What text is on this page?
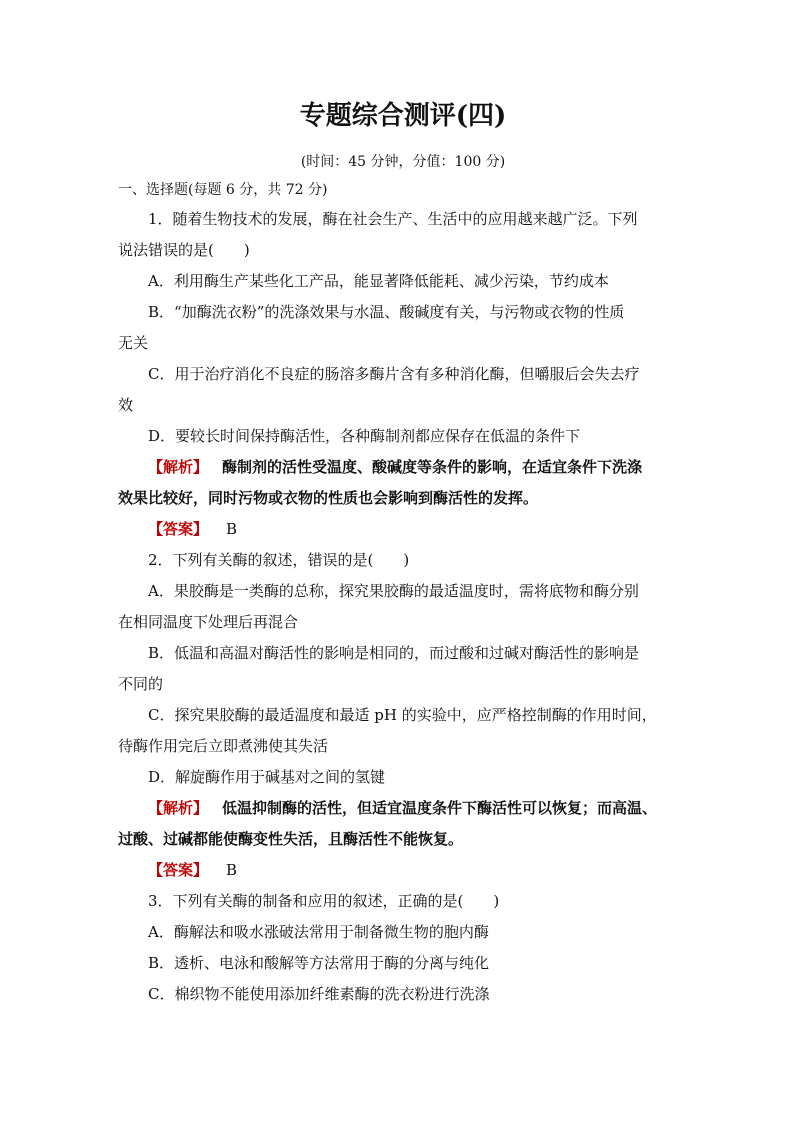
专题综合测评(四)
(时间：45 分钟，分值：100 分)
一、选择题(每题 6 分，共 72 分)
1．随着生物技术的发展，酶在社会生产、生活中的应用越来越广泛。下列
说法错误的是(　　)
A．利用酶生产某些化工产品，能显著降低能耗、减少污染，节约成本
B．“加酶洗衣粉”的洗涤效果与水温、酸碱度有关，与污物或衣物的性质
无关
C．用于治疗消化不良症的肠溶多酶片含有多种消化酶，但嚼服后会失去疗
效
D．要较长时间保持酶活性，各种酶制剂都应保存在低温的条件下
【解析】 酶制剂的活性受温度、酸碱度等条件的影响，在适宜条件下洗涤
效果比较好，同时污物或衣物的性质也会影响到酶活性的发挥。
【答案】 B
2．下列有关酶的叙述，错误的是(　　)
A．果胶酶是一类酶的总称，探究果胶酶的最适温度时，需将底物和酶分别
在相同温度下处理后再混合
B．低温和高温对酶活性的影响是相同的，而过酸和过碱对酶活性的影响是
不同的
C．探究果胶酶的最适温度和最适 pH 的实验中，应严格控制酶的作用时间，
待酶作用完后立即煮沸使其失活
D．解旋酶作用于碱基对之间的氢键
【解析】 低温抑制酶的活性，但适宜温度条件下酶活性可以恢复；而高温、
过酸、过碱都能使酶变性失活，且酶活性不能恢复。
【答案】 B
3．下列有关酶的制备和应用的叙述，正确的是(　　)
A．酶解法和吸水涨破法常用于制备微生物的胞内酶
B．透析、电泳和酸解等方法常用于酶的分离与纯化
C．棉织物不能使用添加纤维素酶的洗衣粉进行洗涤
